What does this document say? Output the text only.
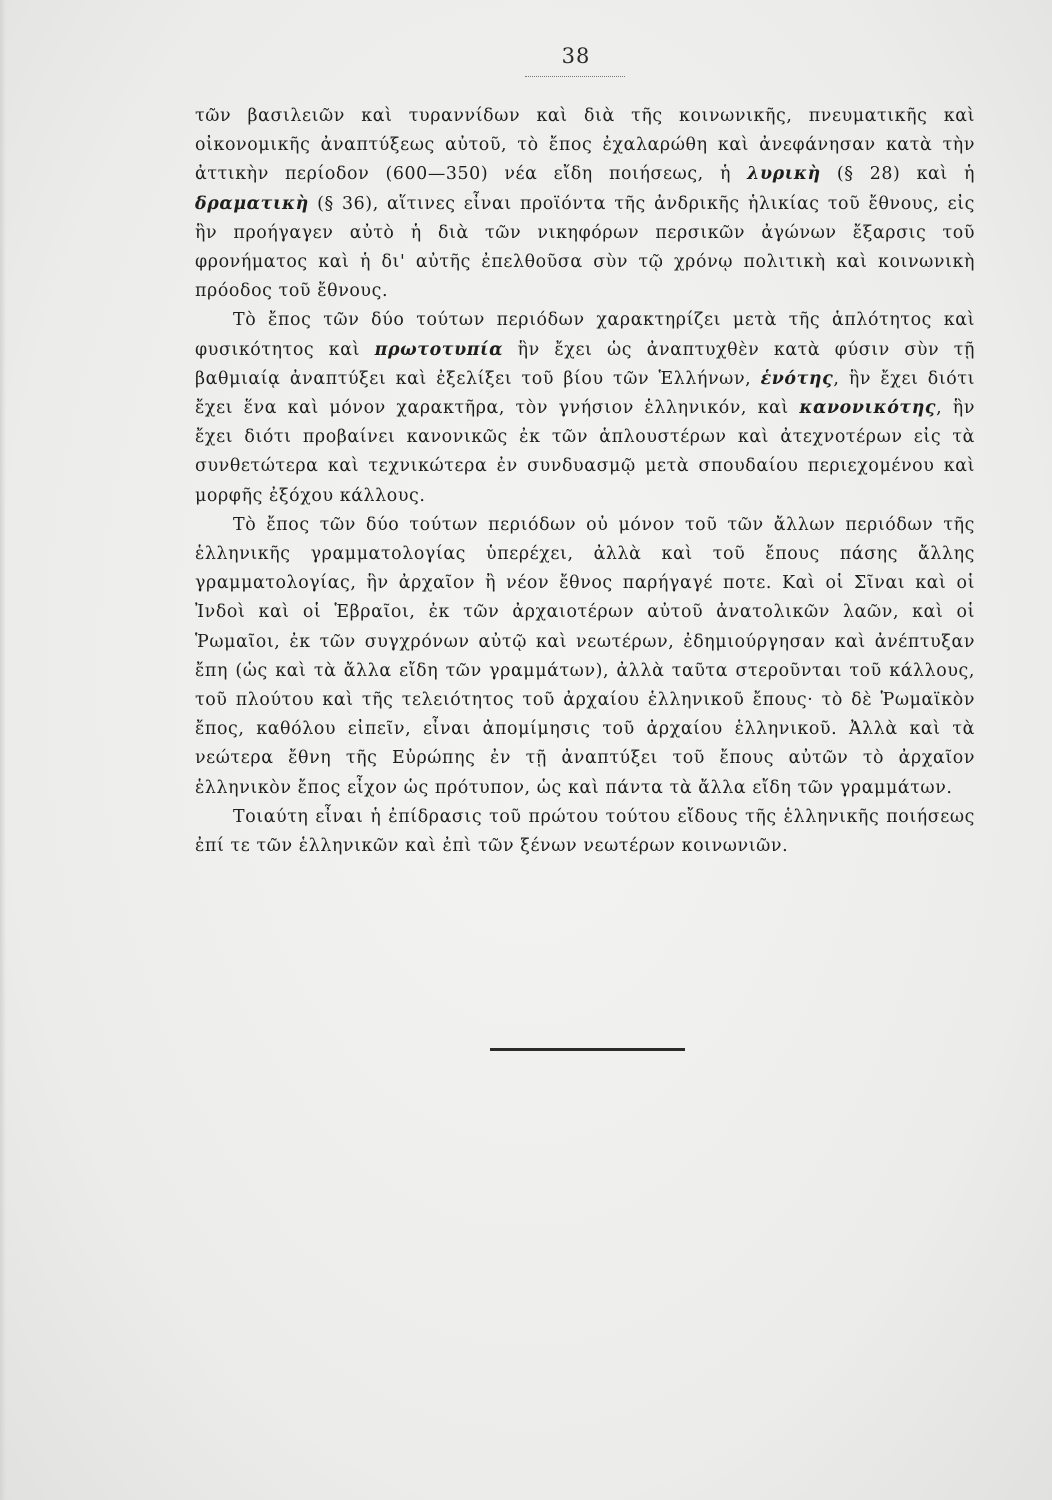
38

τῶν βασιλειῶν καὶ τυραννίδων καὶ διὰ τῆς κοινωνικῆς, πνευματικῆς καὶ οἰκονομικῆς ἀναπτύξεως αὐτοῦ, τὸ ἔπος ἐχαλαρώθη καὶ ἀνεφάνησαν κατὰ τὴν ἀττικὴν περίοδον (600—350) νέα εἴδη ποιήσεως, ἡ λυρικὴ (§ 28) καὶ ἡ δραματικὴ (§ 36), αἵτινες εἶναι προϊόντα τῆς ἀνδρικῆς ἡλικίας τοῦ ἔθνους, εἰς ἣν προήγαγεν αὐτὸ ἡ διὰ τῶν νικηφόρων περσικῶν ἀγώνων ἔξαρσις τοῦ φρονήματος καὶ ἡ δι' αὐτῆς ἐπελθοῦσα σὺν τῷ χρόνῳ πολιτικὴ καὶ κοινωνικὴ πρόοδος τοῦ ἔθνους.

Τὸ ἔπος τῶν δύο τούτων περιόδων χαρακτηρίζει μετὰ τῆς ἁπλότητος καὶ φυσικότητος καὶ πρωτοτυπία ἣν ἔχει ὡς ἀναπτυχθὲν κατὰ φύσιν σὺν τῇ βαθμιαίᾳ ἀναπτύξει καὶ ἐξελίξει τοῦ βίου τῶν Ἑλλήνων, ἑνότης, ἣν ἔχει διότι ἔχει ἕνα καὶ μόνον χαρακτῆρα, τὸν γνήσιον ἑλληνικόν, καὶ κανονικότης, ἣν ἔχει διότι προβαίνει κανονικῶς ἐκ τῶν ἁπλουστέρων καὶ ἀτεχνοτέρων εἰς τὰ συνθετώτερα καὶ τεχνικώτερα ἐν συνδυασμῷ μετὰ σπουδαίου περιεχομένου καὶ μορφῆς ἐξόχου κάλλους.

Τὸ ἔπος τῶν δύο τούτων περιόδων οὐ μόνον τοῦ τῶν ἄλλων περιόδων τῆς ἑλληνικῆς γραμματολογίας ὑπερέχει, ἀλλὰ καὶ τοῦ ἔπους πάσης ἄλλης γραμματολογίας, ἣν ἀρχαῖον ἢ νέον ἔθνος παρήγαγέ ποτε. Καὶ οἱ Σῖναι καὶ οἱ Ἰνδοὶ καὶ οἱ Ἑβραῖοι, ἐκ τῶν ἀρχαιοτέρων αὐτοῦ ἀνατολικῶν λαῶν, καὶ οἱ Ῥωμαῖοι, ἐκ τῶν συγχρόνων αὐτῷ καὶ νεωτέρων, ἐδημιούργησαν καὶ ἀνέπτυξαν ἔπη (ὡς καὶ τὰ ἄλλα εἴδη τῶν γραμμάτων), ἀλλὰ ταῦτα στεροῦνται τοῦ κάλλους, τοῦ πλούτου καὶ τῆς τελειότητος τοῦ ἀρχαίου ἑλληνικοῦ ἔπους· τὸ δὲ Ῥωμαϊκὸν ἔπος, καθόλου εἰπεῖν, εἶναι ἀπομίμησις τοῦ ἀρχαίου ἑλληνικοῦ. Ἀλλὰ καὶ τὰ νεώτερα ἔθνη τῆς Εὐρώπης ἐν τῇ ἀναπτύξει τοῦ ἔπους αὐτῶν τὸ ἀρχαῖον ἑλληνικὸν ἔπος εἶχον ὡς πρότυπον, ὡς καὶ πάντα τὰ ἄλλα εἴδη τῶν γραμμάτων.

Τοιαύτη εἶναι ἡ ἐπίδρασις τοῦ πρώτου τούτου εἴδους τῆς ἑλληνικῆς ποιήσεως ἐπί τε τῶν ἑλληνικῶν καὶ ἐπὶ τῶν ξένων νεωτέρων κοινωνιῶν.
